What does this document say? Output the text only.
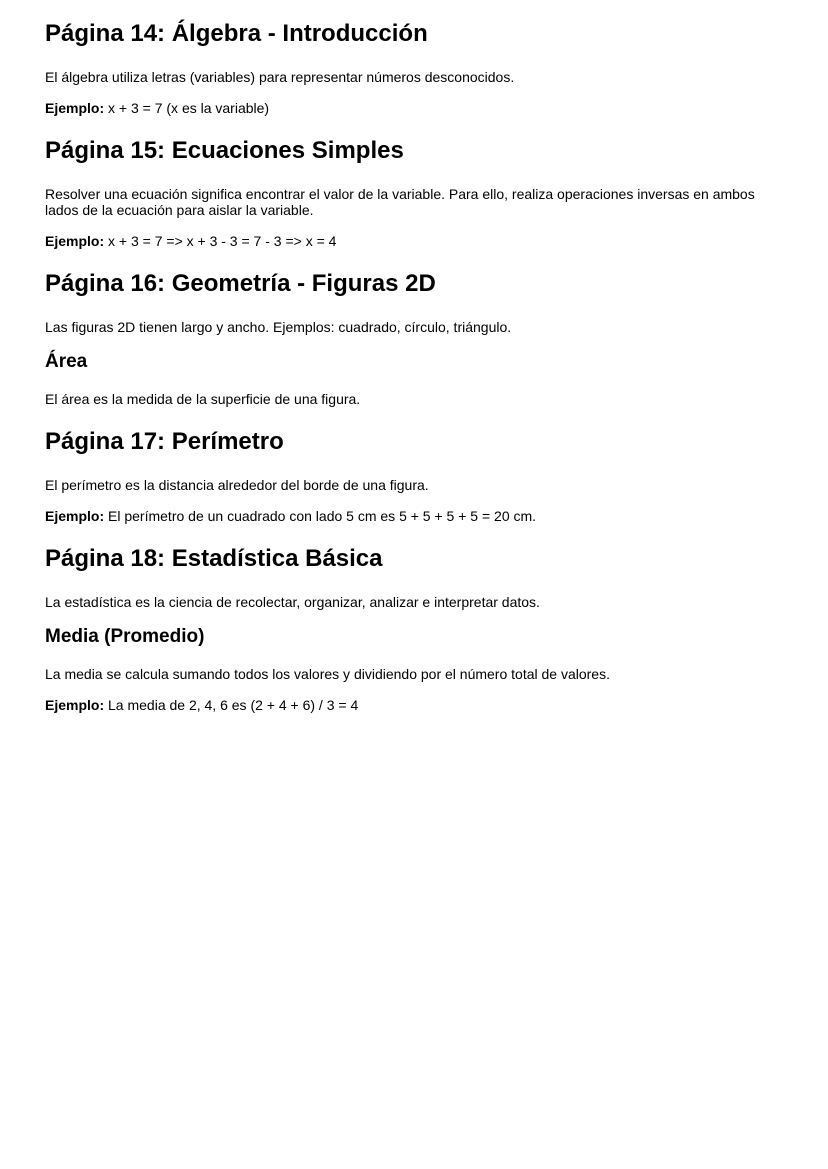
Página 14: Álgebra - Introducción

El álgebra utiliza letras (variables) para representar números desconocidos.

Ejemplo: x + 3 = 7 (x es la variable)

Página 15: Ecuaciones Simples

Resolver una ecuación significa encontrar el valor de la variable. Para ello, realiza operaciones inversas en ambos lados de la ecuación para aislar la variable.

Ejemplo: x + 3 = 7 => x + 3 - 3 = 7 - 3 => x = 4

Página 16: Geometría - Figuras 2D

Las figuras 2D tienen largo y ancho. Ejemplos: cuadrado, círculo, triángulo.

Área

El área es la medida de la superficie de una figura.

Página 17: Perímetro

El perímetro es la distancia alrededor del borde de una figura.

Ejemplo: El perímetro de un cuadrado con lado 5 cm es 5 + 5 + 5 + 5 = 20 cm.

Página 18: Estadística Básica

La estadística es la ciencia de recolectar, organizar, analizar e interpretar datos.

Media (Promedio)

La media se calcula sumando todos los valores y dividiendo por el número total de valores.

Ejemplo: La media de 2, 4, 6 es (2 + 4 + 6) / 3 = 4
